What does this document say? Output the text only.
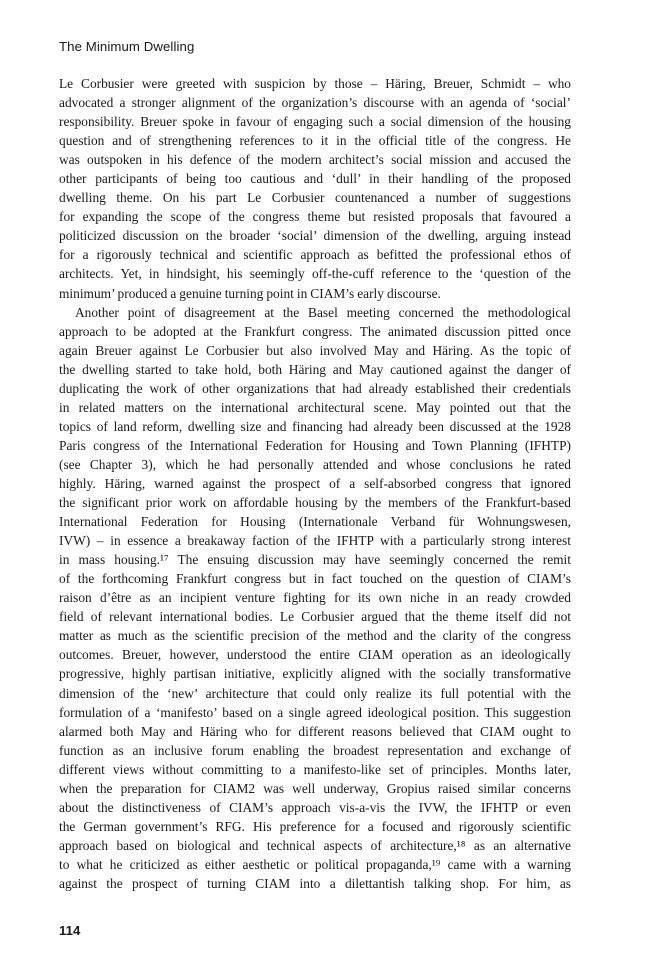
The Minimum Dwelling
Le Corbusier were greeted with suspicion by those – Häring, Breuer, Schmidt – who
advocated a stronger alignment of the organization’s discourse with an agenda of ‘social’
responsibility. Breuer spoke in favour of engaging such a social dimension of the housing
question and of strengthening references to it in the official title of the congress. He
was outspoken in his defence of the modern architect’s social mission and accused the
other participants of being too cautious and ‘dull’ in their handling of the proposed
dwelling theme. On his part Le Corbusier countenanced a number of suggestions
for expanding the scope of the congress theme but resisted proposals that favoured a
politicized discussion on the broader ‘social’ dimension of the dwelling, arguing instead
for a rigorously technical and scientific approach as befitted the professional ethos of
architects. Yet, in hindsight, his seemingly off-the-cuff reference to the ‘question of the
minimum’ produced a genuine turning point in CIAM’s early discourse.
Another point of disagreement at the Basel meeting concerned the methodological
approach to be adopted at the Frankfurt congress. The animated discussion pitted once
again Breuer against Le Corbusier but also involved May and Häring. As the topic of
the dwelling started to take hold, both Häring and May cautioned against the danger of
duplicating the work of other organizations that had already established their credentials
in related matters on the international architectural scene. May pointed out that the
topics of land reform, dwelling size and financing had already been discussed at the 1928
Paris congress of the International Federation for Housing and Town Planning (IFHTP)
(see Chapter 3), which he had personally attended and whose conclusions he rated
highly. Häring, warned against the prospect of a self-absorbed congress that ignored
the significant prior work on affordable housing by the members of the Frankfurt-based
International Federation for Housing (Internationale Verband für Wohnungswesen,
IVW) – in essence a breakaway faction of the IFHTP with a particularly strong interest
in mass housing.¹⁷ The ensuing discussion may have seemingly concerned the remit
of the forthcoming Frankfurt congress but in fact touched on the question of CIAM’s
raison d’être as an incipient venture fighting for its own niche in an ready crowded
field of relevant international bodies. Le Corbusier argued that the theme itself did not
matter as much as the scientific precision of the method and the clarity of the congress
outcomes. Breuer, however, understood the entire CIAM operation as an ideologically
progressive, highly partisan initiative, explicitly aligned with the socially transformative
dimension of the ‘new’ architecture that could only realize its full potential with the
formulation of a ‘manifesto’ based on a single agreed ideological position. This suggestion
alarmed both May and Häring who for different reasons believed that CIAM ought to
function as an inclusive forum enabling the broadest representation and exchange of
different views without committing to a manifesto-like set of principles. Months later,
when the preparation for CIAM2 was well underway, Gropius raised similar concerns
about the distinctiveness of CIAM’s approach vis-a-vis the IVW, the IFHTP or even
the German government’s RFG. His preference for a focused and rigorously scientific
approach based on biological and technical aspects of architecture,¹⁸ as an alternative
to what he criticized as either aesthetic or political propaganda,¹⁹ came with a warning
against the prospect of turning CIAM into a dilettantish talking shop. For him, as
114
